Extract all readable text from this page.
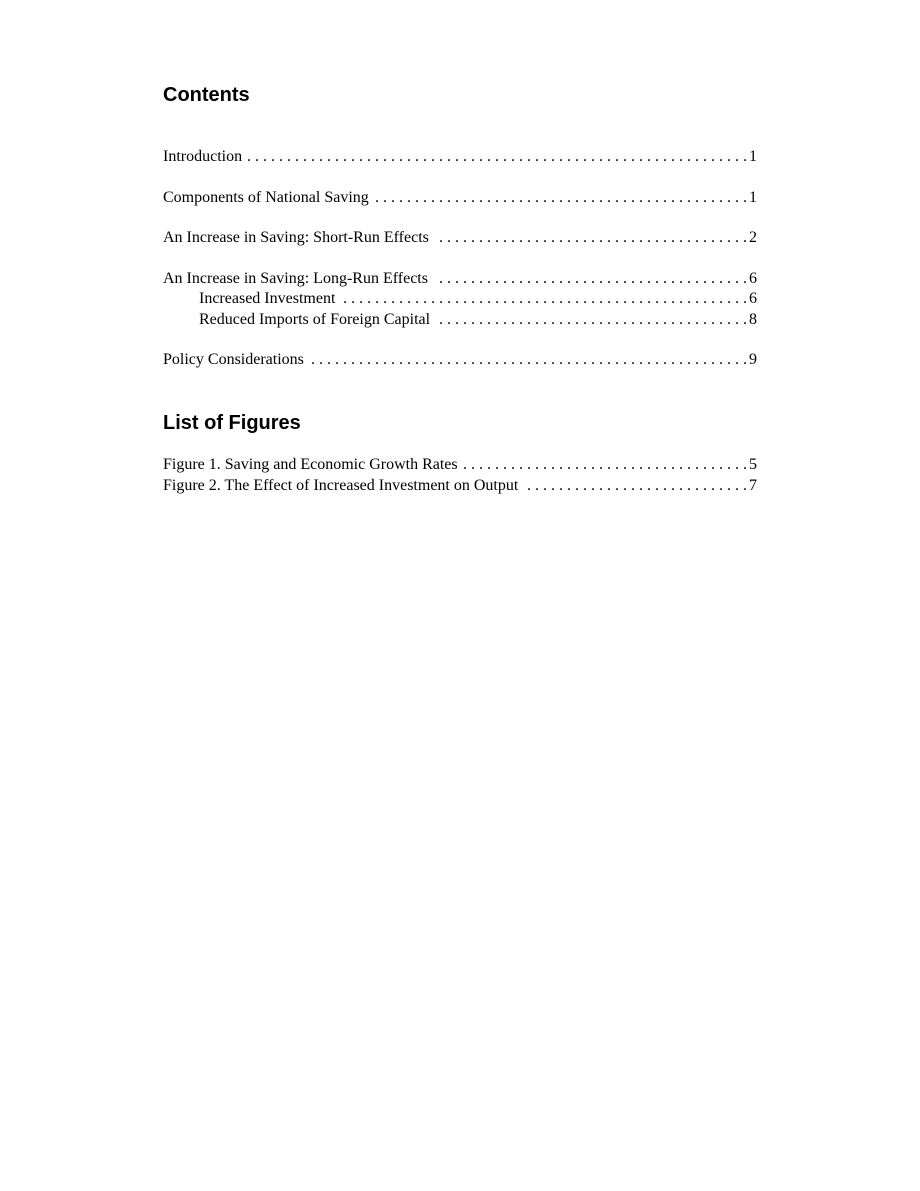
Contents
Introduction . . .	1
Components of National Saving . . .	1
An Increase in Saving: Short-Run Effects . . .	2
An Increase in Saving: Long-Run Effects . . .	6
Increased Investment . . .	6
Reduced Imports of Foreign Capital . . .	8
Policy Considerations . . .	9
List of Figures
Figure 1. Saving and Economic Growth Rates . . .	5
Figure 2. The Effect of Increased Investment on Output . . .	7
